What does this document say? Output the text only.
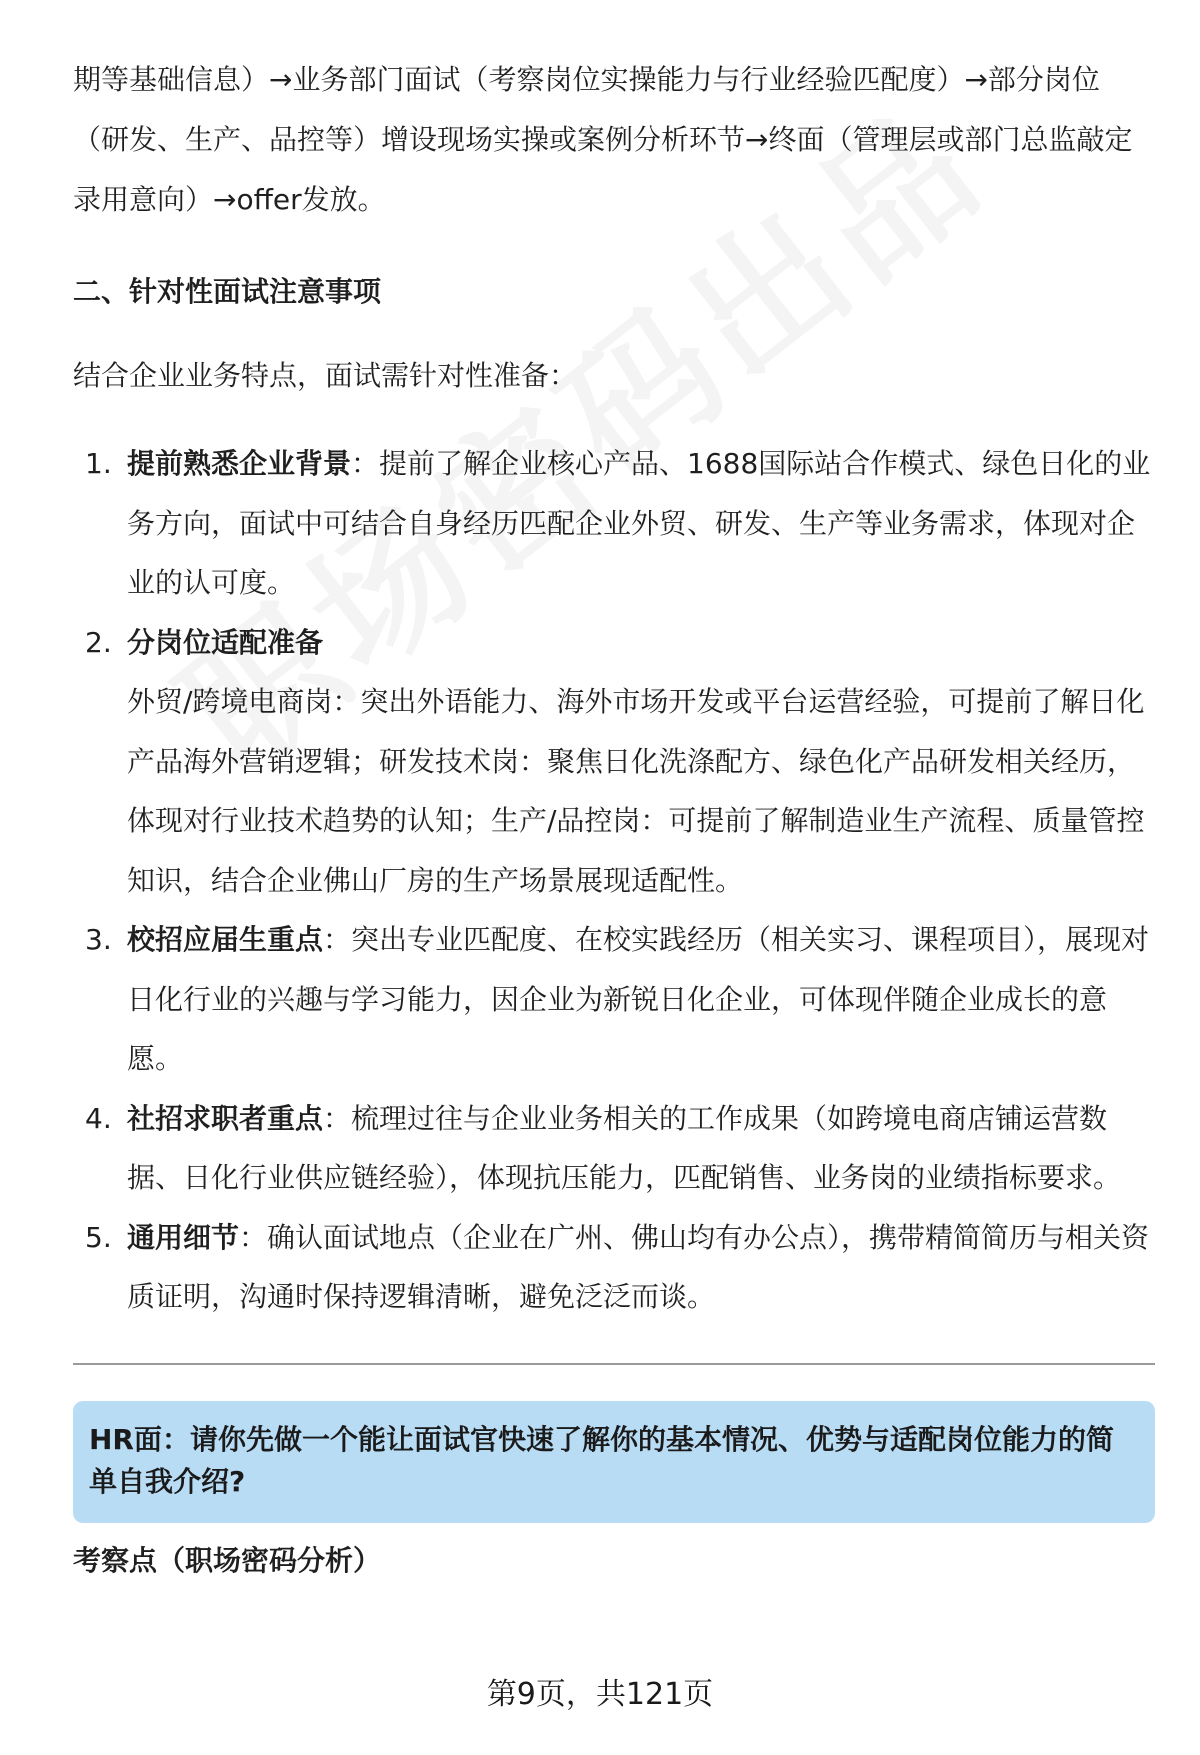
期等基础信息）→业务部门面试（考察岗位实操能力与行业经验匹配度）→部分岗位（研发、生产、品控等）增设现场实操或案例分析环节→终面（管理层或部门总监敲定录用意向）→offer发放。

二、针对性面试注意事项

结合企业业务特点，面试需针对性准备：

1. 提前熟悉企业背景：提前了解企业核心产品、1688国际站合作模式、绿色日化的业务方向，面试中可结合自身经历匹配企业外贸、研发、生产等业务需求，体现对企业的认可度。
2. 分岗位适配准备
外贸/跨境电商岗：突出外语能力、海外市场开发或平台运营经验，可提前了解日化产品海外营销逻辑；研发技术岗：聚焦日化洗涤配方、绿色化产品研发相关经历，体现对行业技术趋势的认知；生产/品控岗：可提前了解制造业生产流程、质量管控知识，结合企业佛山厂房的生产场景展现适配性。
3. 校招应届生重点：突出专业匹配度、在校实践经历（相关实习、课程项目），展现对日化行业的兴趣与学习能力，因企业为新锐日化企业，可体现伴随企业成长的意愿。
4. 社招求职者重点：梳理过往与企业业务相关的工作成果（如跨境电商店铺运营数据、日化行业供应链经验），体现抗压能力，匹配销售、业务岗的业绩指标要求。
5. 通用细节：确认面试地点（企业在广州、佛山均有办公点），携带精简简历与相关资质证明，沟通时保持逻辑清晰，避免泛泛而谈。

HR面：请你先做一个能让面试官快速了解你的基本情况、优势与适配岗位能力的简单自我介绍?

考察点（职场密码分析）
第9页，共121页
